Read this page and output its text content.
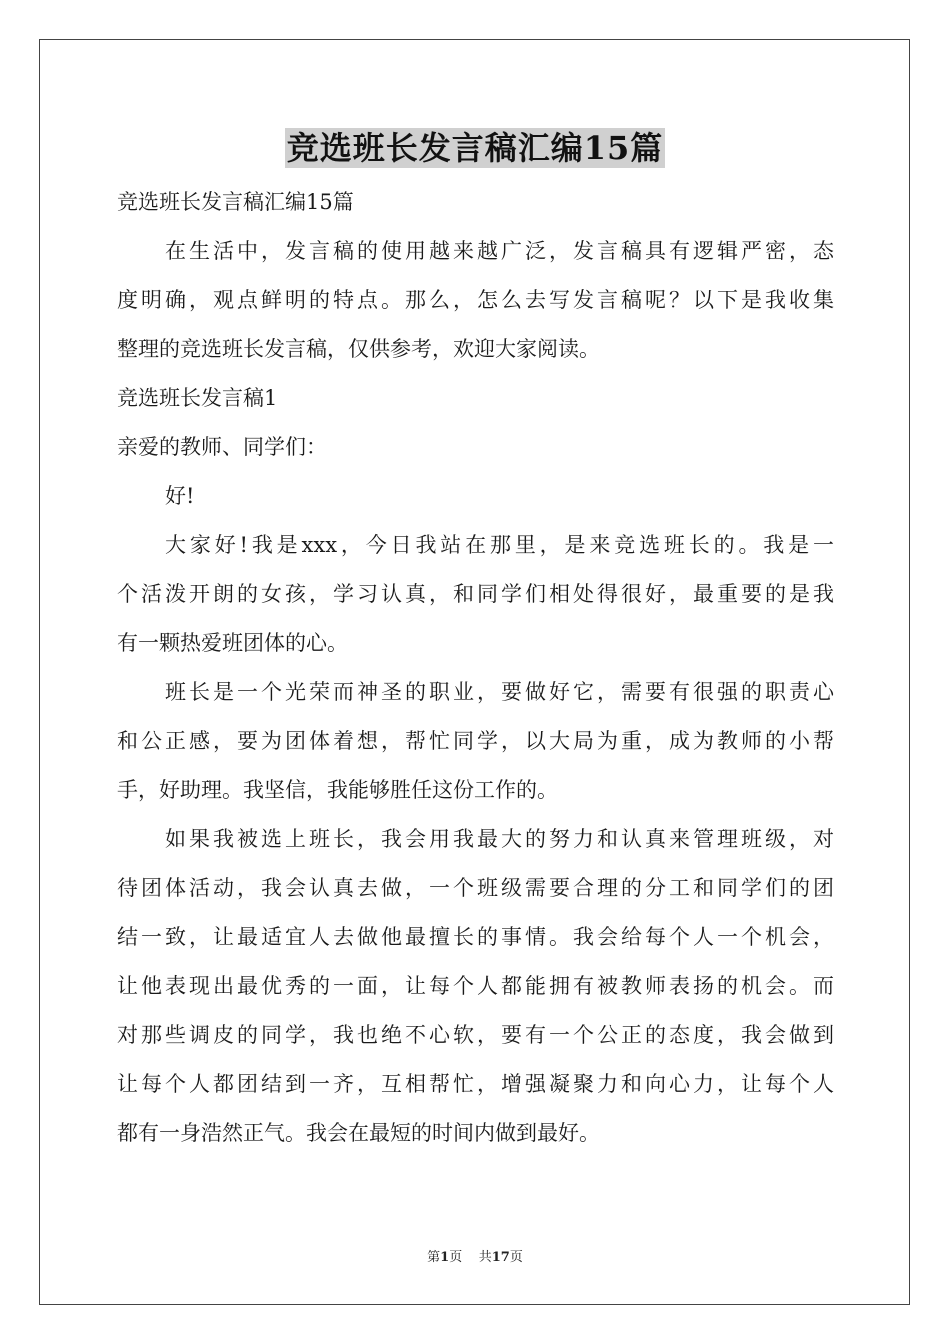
竞选班长发言稿汇编15篇

竞选班长发言稿汇编15篇

在生活中，发言稿的使用越来越广泛，发言稿具有逻辑严密，态

度明确，观点鲜明的特点。那么，怎么去写发言稿呢？以下是我收集

整理的竞选班长发言稿，仅供参考，欢迎大家阅读。

竞选班长发言稿1

亲爱的教师、同学们：

好!

大家好!我是xxx，今日我站在那里，是来竞选班长的。我是一

个活泼开朗的女孩，学习认真，和同学们相处得很好，最重要的是我

有一颗热爱班团体的心。

班长是一个光荣而神圣的职业，要做好它，需要有很强的职责心

和公正感，要为团体着想，帮忙同学，以大局为重，成为教师的小帮

手，好助理。我坚信，我能够胜任这份工作的。

如果我被选上班长，我会用我最大的努力和认真来管理班级，对

待团体活动，我会认真去做，一个班级需要合理的分工和同学们的团

结一致，让最适宜人去做他最擅长的事情。我会给每个人一个机会，

让他表现出最优秀的一面，让每个人都能拥有被教师表扬的机会。而

对那些调皮的同学，我也绝不心软，要有一个公正的态度，我会做到

让每个人都团结到一齐，互相帮忙，增强凝聚力和向心力，让每个人

都有一身浩然正气。我会在最短的时间内做到最好。

第1页 共17页
